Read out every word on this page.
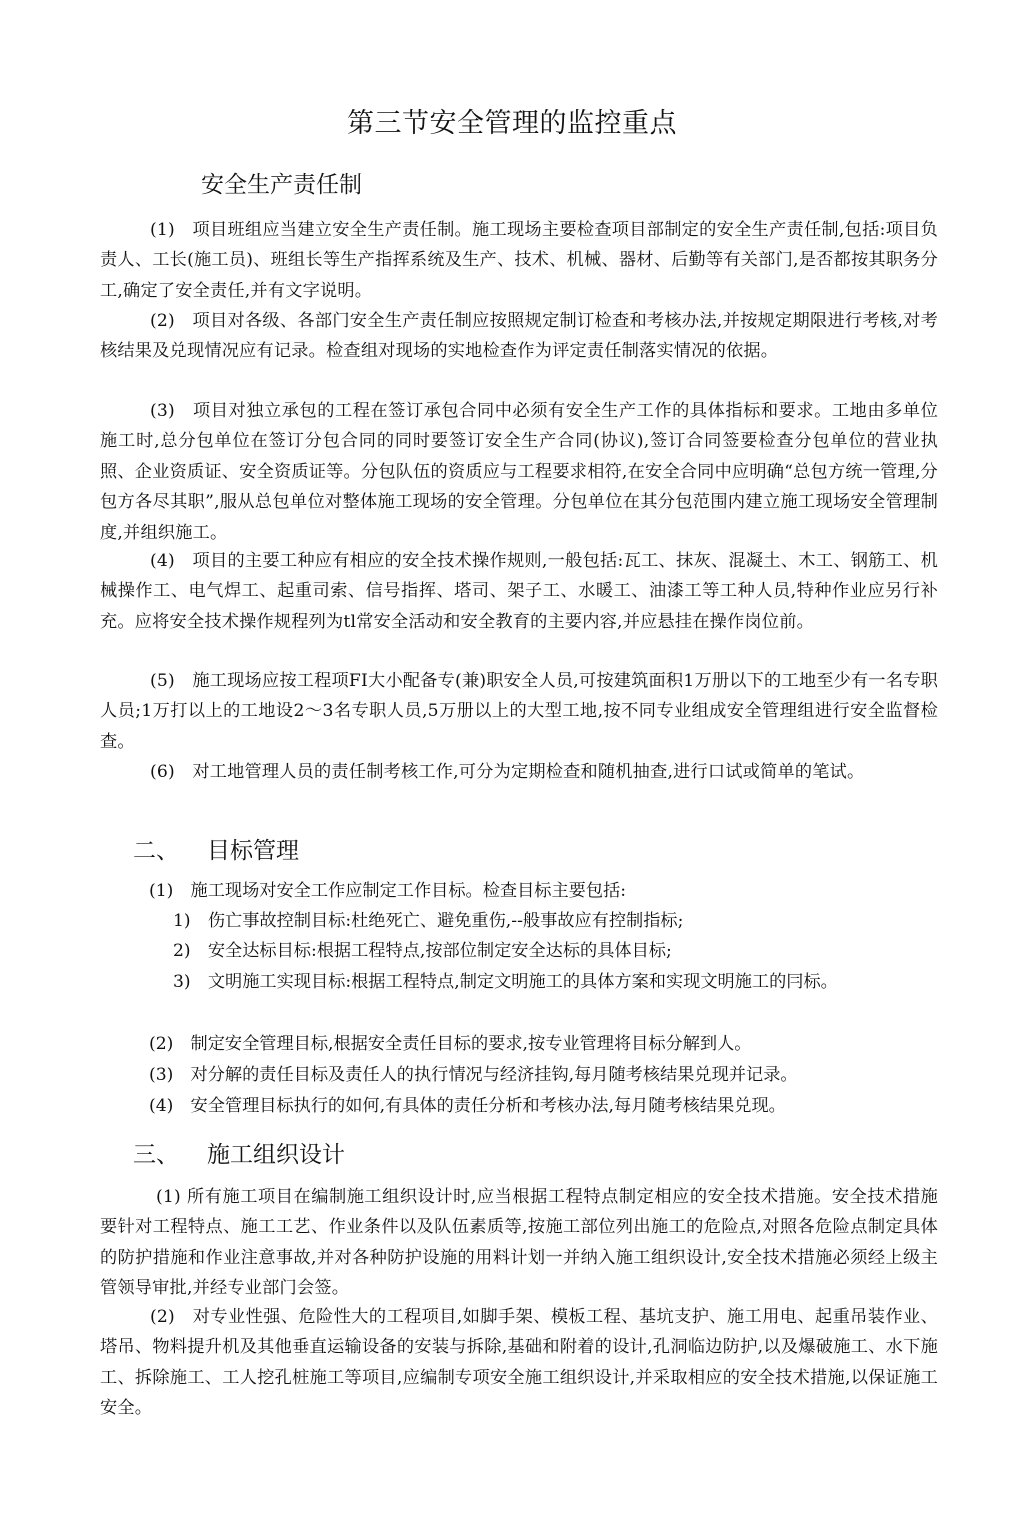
第三节安全管理的监控重点
安全生产责任制
(1)　项目班组应当建立安全生产责任制。施工现场主要检查项目部制定的安全生产责任制,包括:项目负责人、工长(施工员)、班组长等生产指挥系统及生产、技术、机械、器材、后勤等有关部门,是否都按其职务分工,确定了安全责任,并有文字说明。
(2)　项目对各级、各部门安全生产责任制应按照规定制订检查和考核办法,并按规定期限进行考核,对考核结果及兑现情况应有记录。检查组对现场的实地检查作为评定责任制落实情况的依据。
(3)　项目对独立承包的工程在签订承包合同中必须有安全生产工作的具体指标和要求。工地由多单位施工时,总分包单位在签订分包合同的同时要签订安全生产合同(协议),签订合同签要检查分包单位的营业执照、企业资质证、安全资质证等。分包队伍的资质应与工程要求相符,在安全合同中应明确“总包方统一管理,分包方各尽其职”,服从总包单位对整体施工现场的安全管理。分包单位在其分包范围内建立施工现场安全管理制度,并组织施工。
(4)　项目的主要工种应有相应的安全技术操作规则,一般包括:瓦工、抹灰、混凝土、木工、钢筋工、机械操作工、电气焊工、起重司索、信号指挥、塔司、架子工、水暖工、油漆工等工种人员,特种作业应另行补充。应将安全技术操作规程列为tl常安全活动和安全教育的主要内容,并应悬挂在操作岗位前。
(5)　施工现场应按工程项FI大小配备专(兼)职安全人员,可按建筑面积1万册以下的工地至少有一名专职人员;1万打以上的工地设2～3名专职人员,5万册以上的大型工地,按不同专业组成安全管理组进行安全监督检查。
(6)　对工地管理人员的责任制考核工作,可分为定期检查和随机抽查,进行口试或简单的笔试。
二、 目标管理
(1)　施工现场对安全工作应制定工作目标。检查目标主要包括:
1)　伤亡事故控制目标:杜绝死亡、避免重伤,--般事故应有控制指标;
2)　安全达标目标:根据工程特点,按部位制定安全达标的具体目标;
3)　文明施工实现目标:根据工程特点,制定文明施工的具体方案和实现文明施工的冃标。
(2)　制定安全管理目标,根据安全责任目标的要求,按专业管理将目标分解到人。
(3)　对分解的责任目标及责任人的执行情况与经济挂钩,每月随考核结果兑现并记录。
(4)　安全管理目标执行的如何,有具体的责任分析和考核办法,每月随考核结果兑现。
三、 施工组织设计
(1) 所有施工项目在编制施工组织设计时,应当根据工程特点制定相应的安全技术措施。安全技术措施要针对工程特点、施工工艺、作业条件以及队伍素质等,按施工部位列出施工的危险点,对照各危险点制定具体的防护措施和作业注意事故,并对各种防护设施的用料计划一并纳入施工组织设计,安全技术措施必须经上级主管领导审批,并经专业部门会签。
(2)　对专业性强、危险性大的工程项目,如脚手架、模板工程、基坑支护、施工用电、起重吊装作业、塔吊、物料提升机及其他垂直运输设备的安装与拆除,基础和附着的设计,孔洞临边防护,以及爆破施工、水下施工、拆除施工、工人挖孔桩施工等项目,应编制专项安全施工组织设计,并采取相应的安全技术措施,以保证施工安全。
